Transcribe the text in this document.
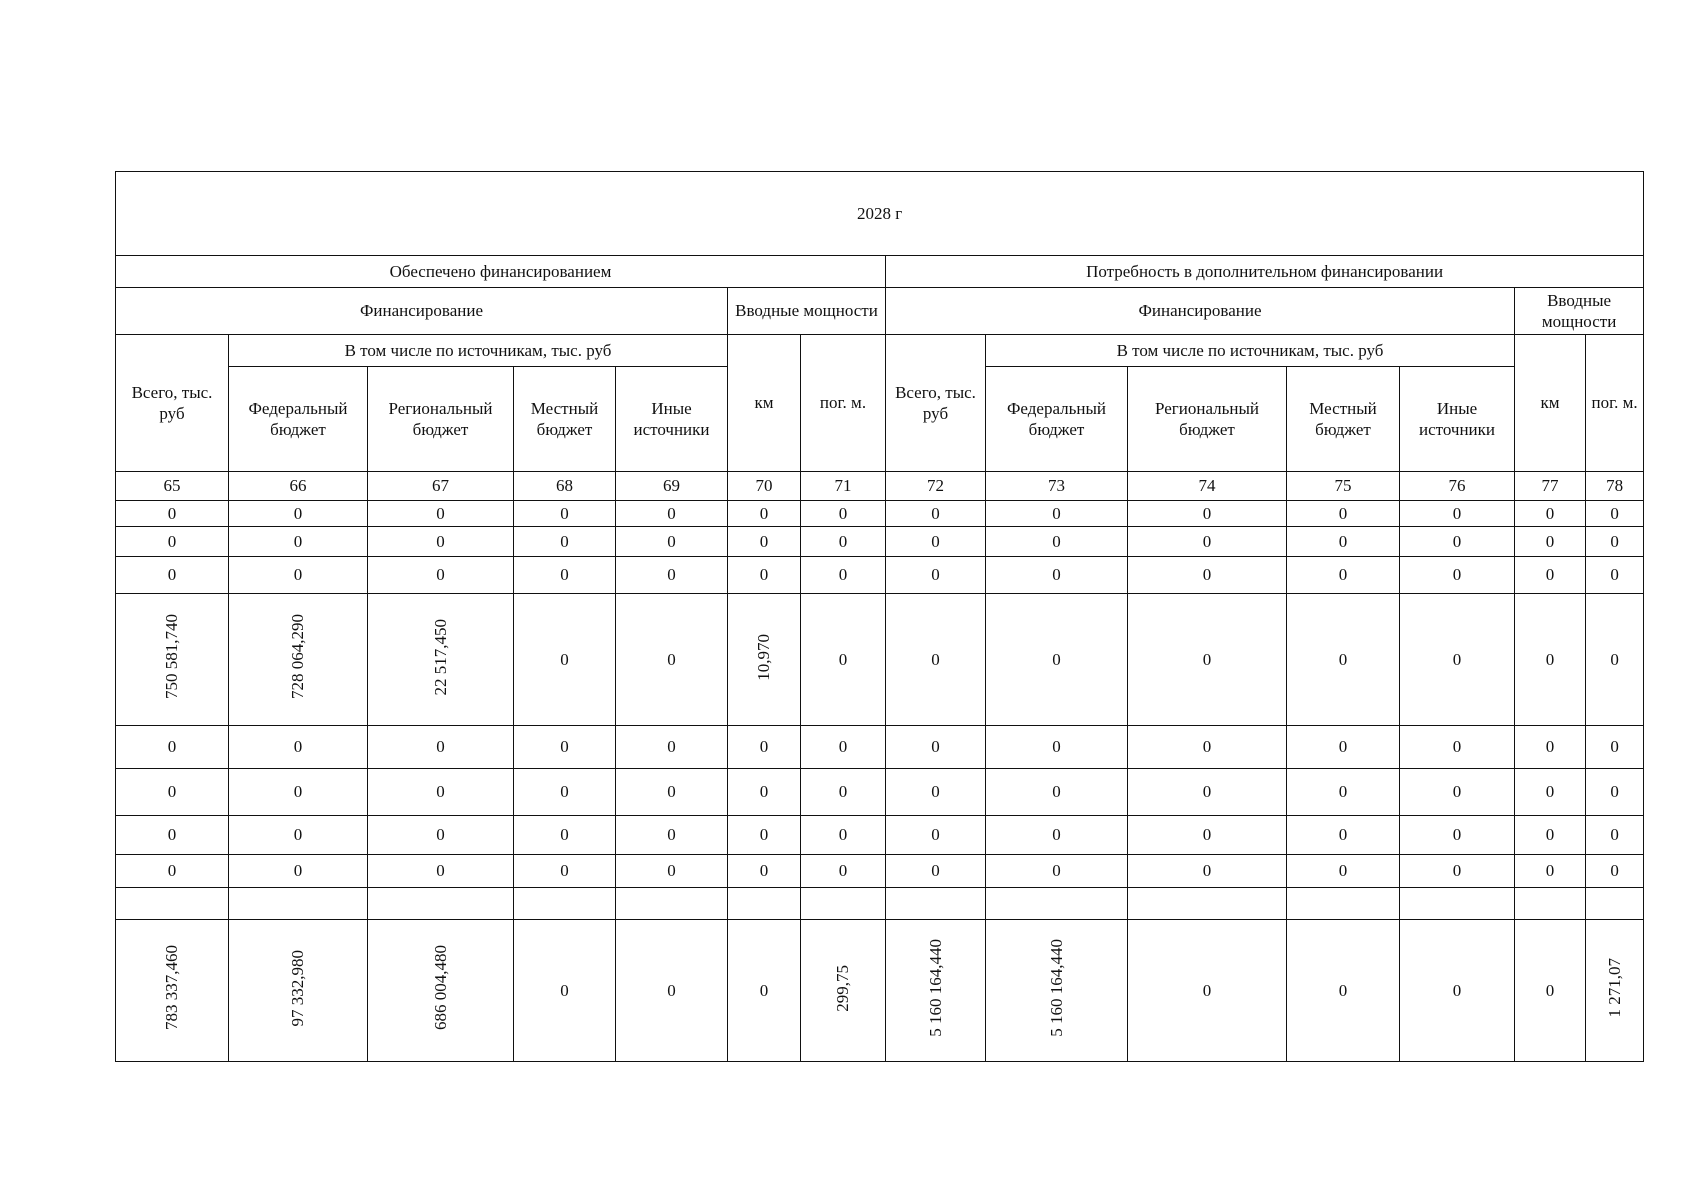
2028 г													
Обеспечено финансированием							Потребность в дополнительном финансировании						
Финансирование					Вводные мощности		Финансирование					Вводные мощности	
Всего, тыс. руб	В том числе по источникам, тыс. руб				км	пог. м.	Всего, тыс. руб	В том числе по источникам, тыс. руб				км	пог. м.
	Федеральный бюджет	Региональный бюджет	Местный бюджет	Иные источники				Федеральный бюджет	Региональный бюджет	Местный бюджет	Иные источники		
65	66	67	68	69	70	71	72	73	74	75	76	77	78
0	0	0	0	0	0	0	0	0	0	0	0	0	0
0	0	0	0	0	0	0	0	0	0	0	0	0	0
0	0	0	0	0	0	0	0	0	0	0	0	0	0
750 581,740	728 064,290	22 517,450	0	0	10,970	0	0	0	0	0	0	0	0
0	0	0	0	0	0	0	0	0	0	0	0	0	0
0	0	0	0	0	0	0	0	0	0	0	0	0	0
0	0	0	0	0	0	0	0	0	0	0	0	0	0
0	0	0	0	0	0	0	0	0	0	0	0	0	0

783 337,460	97 332,980	686 004,480	0	0	0	299,75	5 160 164,440	5 160 164,440	0	0	0	0	1 271,07
